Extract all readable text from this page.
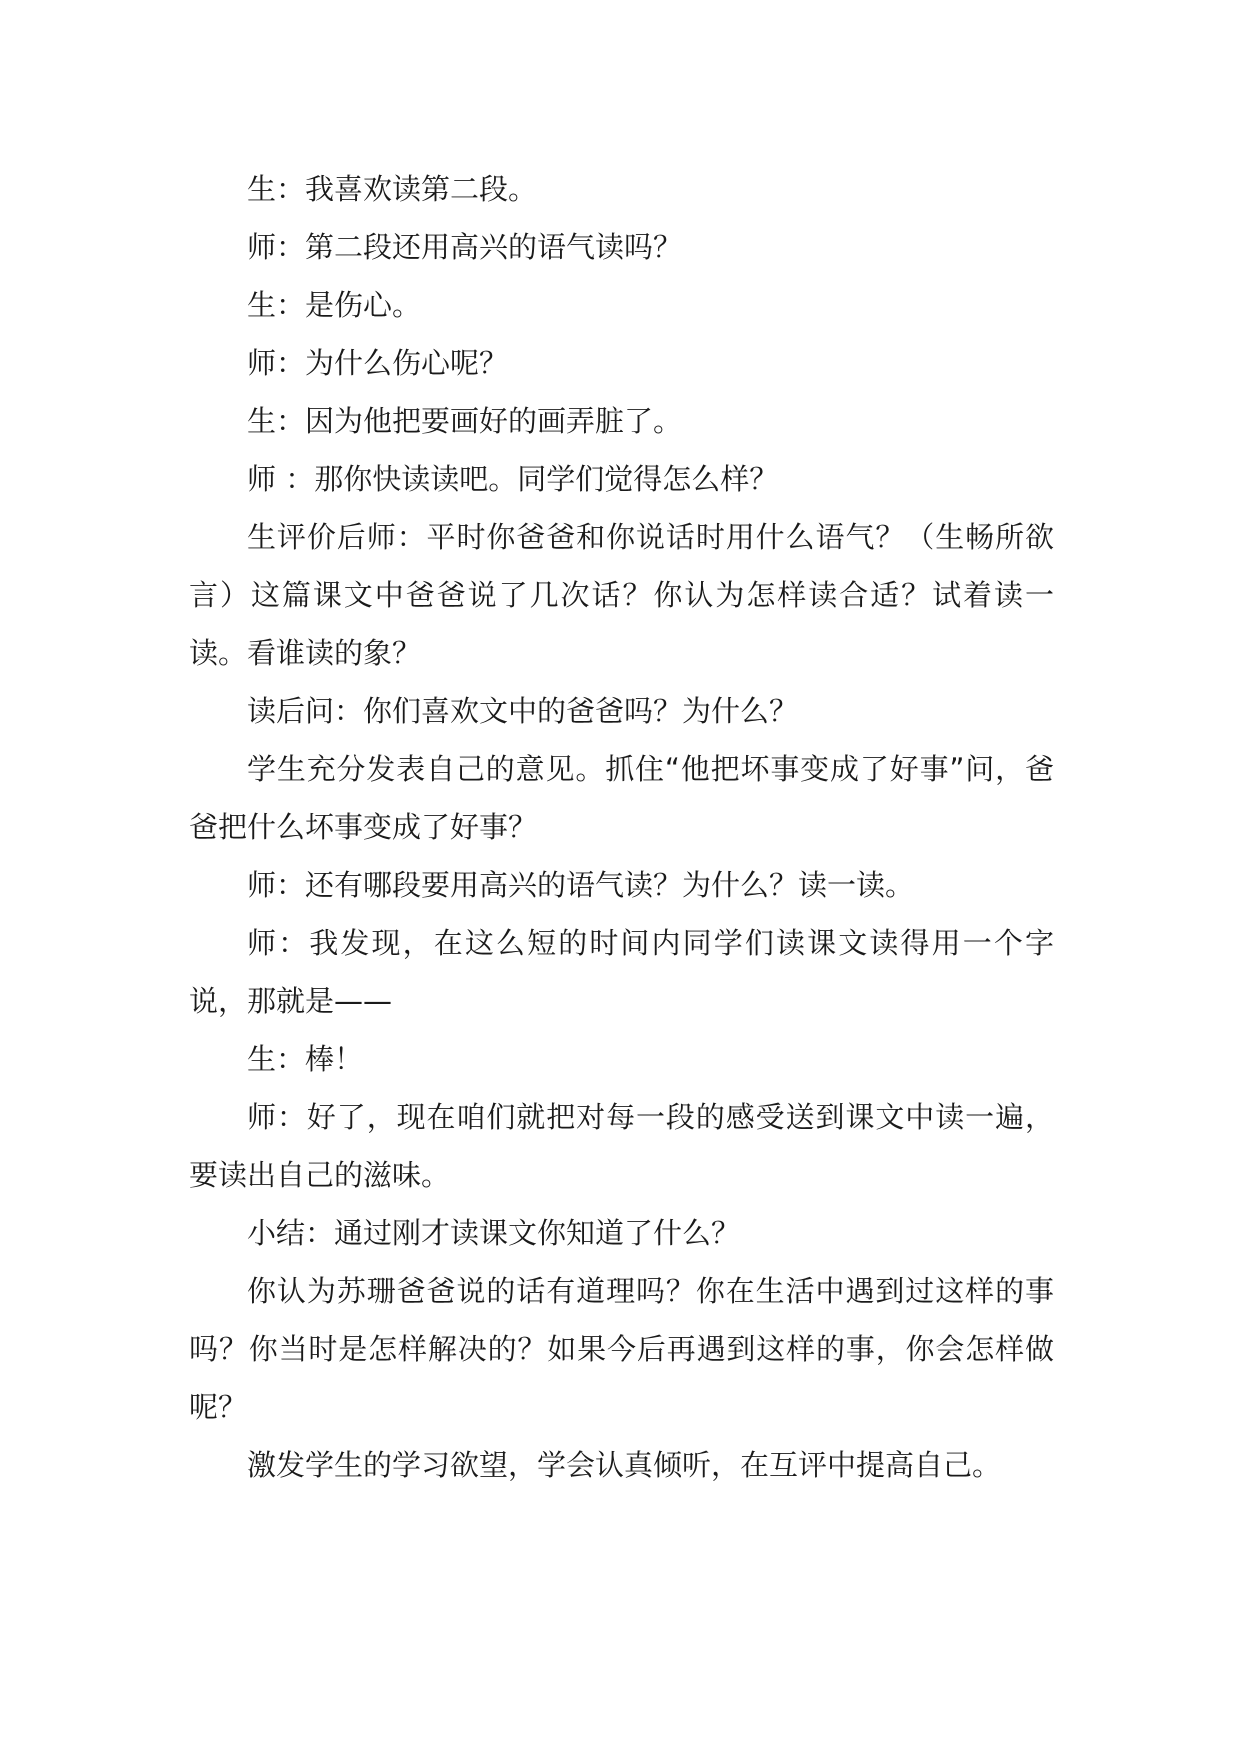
生：我喜欢读第二段。

师：第二段还用高兴的语气读吗？

生：是伤心。

师：为什么伤心呢？

生：因为他把要画好的画弄脏了。

师 ：那你快读读吧。同学们觉得怎么样？

生评价后师：平时你爸爸和你说话时用什么语气？（生畅所欲言）这篇课文中爸爸说了几次话？你认为怎样读合适？试着读一读。看谁读的象？

读后问：你们喜欢文中的爸爸吗？为什么？

学生充分发表自己的意见。抓住“他把坏事变成了好事”问，爸爸把什么坏事变成了好事？

师：还有哪段要用高兴的语气读？为什么？读一读。

师：我发现，在这么短的时间内同学们读课文读得用一个字说，那就是——

生：棒！

师：好了，现在咱们就把对每一段的感受送到课文中读一遍，要读出自己的滋味。

小结：通过刚才读课文你知道了什么？

你认为苏珊爸爸说的话有道理吗？你在生活中遇到过这样的事吗？你当时是怎样解决的？如果今后再遇到这样的事，你会怎样做呢？

激发学生的学习欲望，学会认真倾听，在互评中提高自己。
